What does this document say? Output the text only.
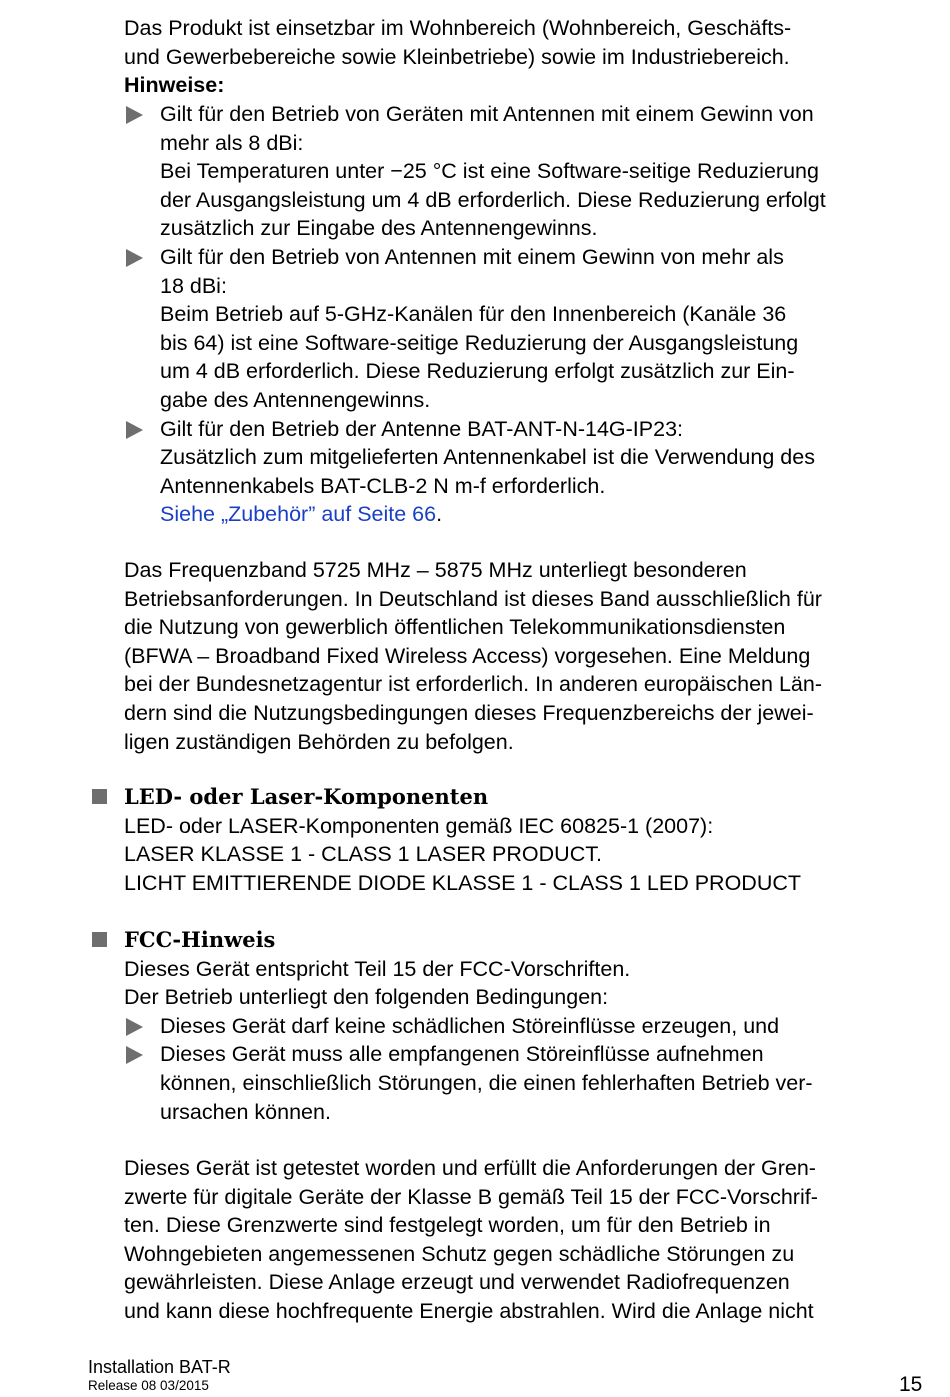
Das Produkt ist einsetzbar im Wohnbereich (Wohnbereich, Geschäfts-
und Gewerbebereiche sowie Kleinbetriebe) sowie im Industriebereich.
Hinweise:
Gilt für den Betrieb von Geräten mit Antennen mit einem Gewinn von
mehr als 8 dBi:
Bei Temperaturen unter −25 °C ist eine Software-seitige Reduzierung
der Ausgangsleistung um 4 dB erforderlich. Diese Reduzierung erfolgt
zusätzlich zur Eingabe des Antennengewinns.
Gilt für den Betrieb von Antennen mit einem Gewinn von mehr als
18 dBi:
Beim Betrieb auf 5-GHz-Kanälen für den Innenbereich (Kanäle 36
bis 64) ist eine Software-seitige Reduzierung der Ausgangsleistung
um 4 dB erforderlich. Diese Reduzierung erfolgt zusätzlich zur Ein-
gabe des Antennengewinns.
Gilt für den Betrieb der Antenne BAT-ANT-N-14G-IP23:
Zusätzlich zum mitgelieferten Antennenkabel ist die Verwendung des
Antennenkabels BAT-CLB-2 N m-f erforderlich.
Siehe „Zubehör” auf Seite 66.
Das Frequenzband 5725 MHz – 5875 MHz unterliegt besonderen
Betriebsanforderungen. In Deutschland ist dieses Band ausschließlich für
die Nutzung von gewerblich öffentlichen Telekommunikationsdiensten
(BFWA – Broadband Fixed Wireless Access) vorgesehen. Eine Meldung
bei der Bundesnetzagentur ist erforderlich. In anderen europäischen Län-
dern sind die Nutzungsbedingungen dieses Frequenzbereichs der jewei-
ligen zuständigen Behörden zu befolgen.
LED- oder Laser-Komponenten
LED- oder LASER-Komponenten gemäß IEC 60825-1 (2007):
LASER KLASSE 1 - CLASS 1 LASER PRODUCT.
LICHT EMITTIERENDE DIODE KLASSE 1 - CLASS 1 LED PRODUCT
FCC-Hinweis
Dieses Gerät entspricht Teil 15 der FCC-Vorschriften.
Der Betrieb unterliegt den folgenden Bedingungen:
Dieses Gerät darf keine schädlichen Störeinflüsse erzeugen, und
Dieses Gerät muss alle empfangenen Störeinflüsse aufnehmen
können, einschließlich Störungen, die einen fehlerhaften Betrieb ver-
ursachen können.
Dieses Gerät ist getestet worden und erfüllt die Anforderungen der Gren-
zwerte für digitale Geräte der Klasse B gemäß Teil 15 der FCC-Vorschrif-
ten. Diese Grenzwerte sind festgelegt worden, um für den Betrieb in
Wohngebieten angemessenen Schutz gegen schädliche Störungen zu
gewährleisten. Diese Anlage erzeugt und verwendet Radiofrequenzen
und kann diese hochfrequente Energie abstrahlen. Wird die Anlage nicht
Installation BAT-R
Release 08 03/2015	15
